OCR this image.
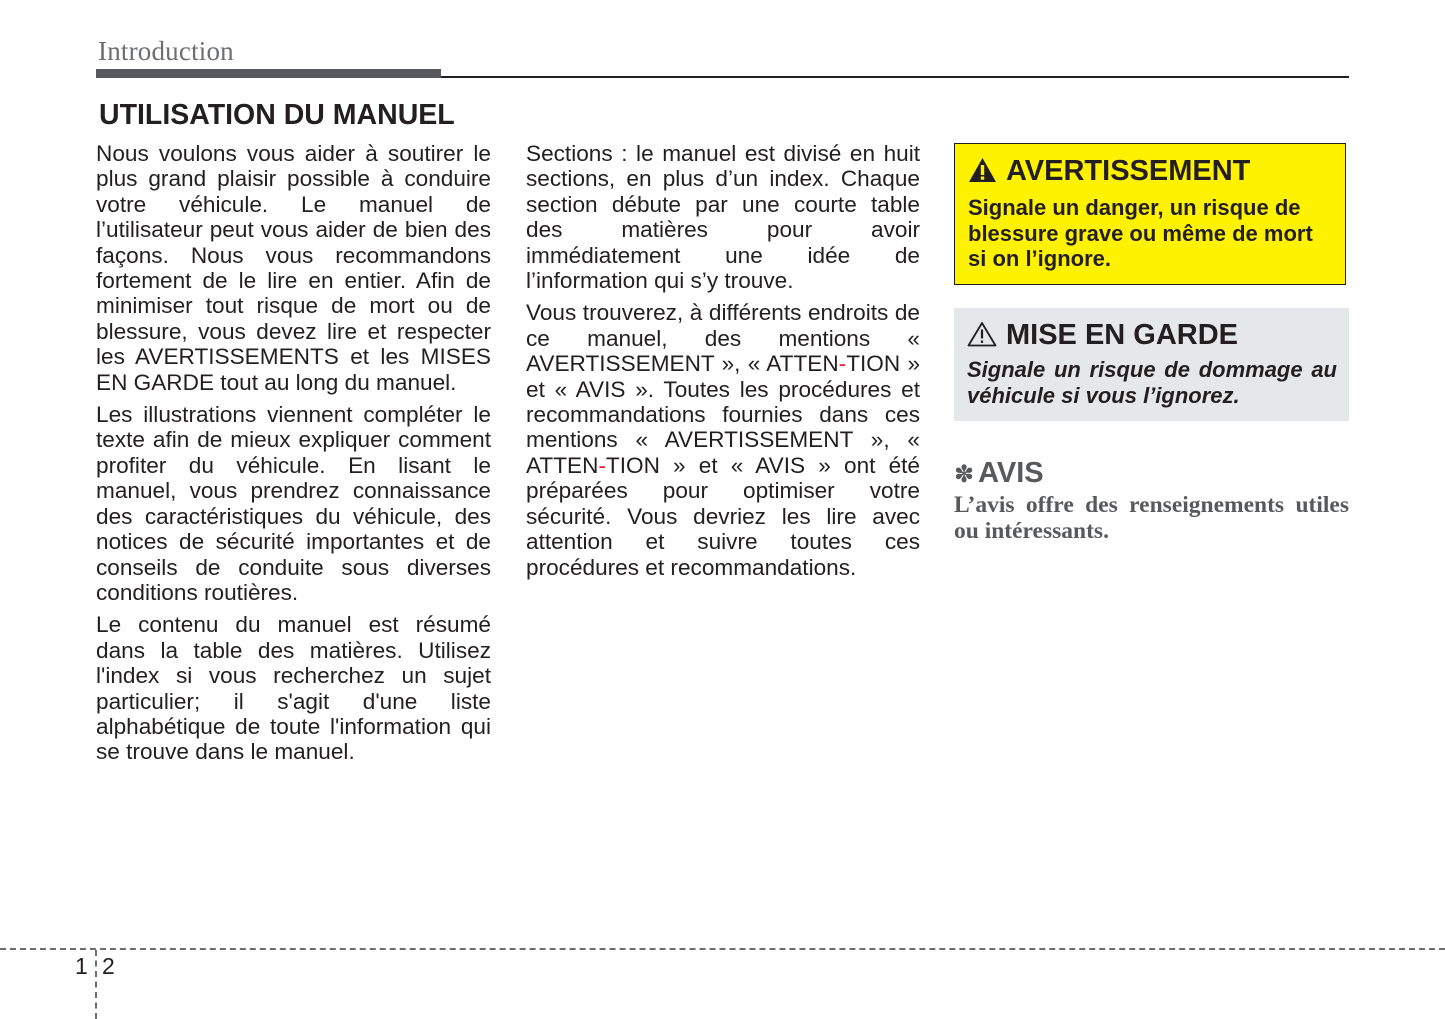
Introduction
UTILISATION DU MANUEL

Nous voulons vous aider à soutirer le plus grand plaisir possible à conduire votre véhicule. Le manuel de l’utilisateur peut vous aider de bien des façons. Nous vous recommandons fortement de le lire en entier. Afin de minimiser tout risque de mort ou de blessure, vous devez lire et respecter les AVERTISSEMENTS et les MISES EN GARDE tout au long du manuel.

Les illustrations viennent compléter le texte afin de mieux expliquer comment profiter du véhicule. En lisant le manuel, vous prendrez connaissance des caractéristiques du véhicule, des notices de sécurité importantes et de conseils de conduite sous diverses conditions routières.

Le contenu du manuel est résumé dans la table des matières. Utilisez l'index si vous recherchez un sujet particulier; il s'agit d'une liste alphabétique de toute l'information qui se trouve dans le manuel.

Sections : le manuel est divisé en huit sections, en plus d’un index. Chaque section débute par une courte table des matières pour avoir immédiatement une idée de l’information qui s’y trouve.

Vous trouverez, à différents endroits de ce manuel, des mentions « AVERTISSEMENT », « ATTEN-TION » et « AVIS ». Toutes les procédures et recommandations fournies dans ces mentions « AVERTISSEMENT », « ATTEN-TION » et « AVIS » ont été préparées pour optimiser votre sécurité. Vous devriez les lire avec attention et suivre toutes ces procédures et recommandations.

AVERTISSEMENT
Signale un danger, un risque de blessure grave ou même de mort si on l’ignore.
MISE EN GARDE
Signale un risque de dommage au véhicule si vous l’ignorez.
✽ AVIS
L’avis offre des renseignements utiles ou intéressants.
1 2
